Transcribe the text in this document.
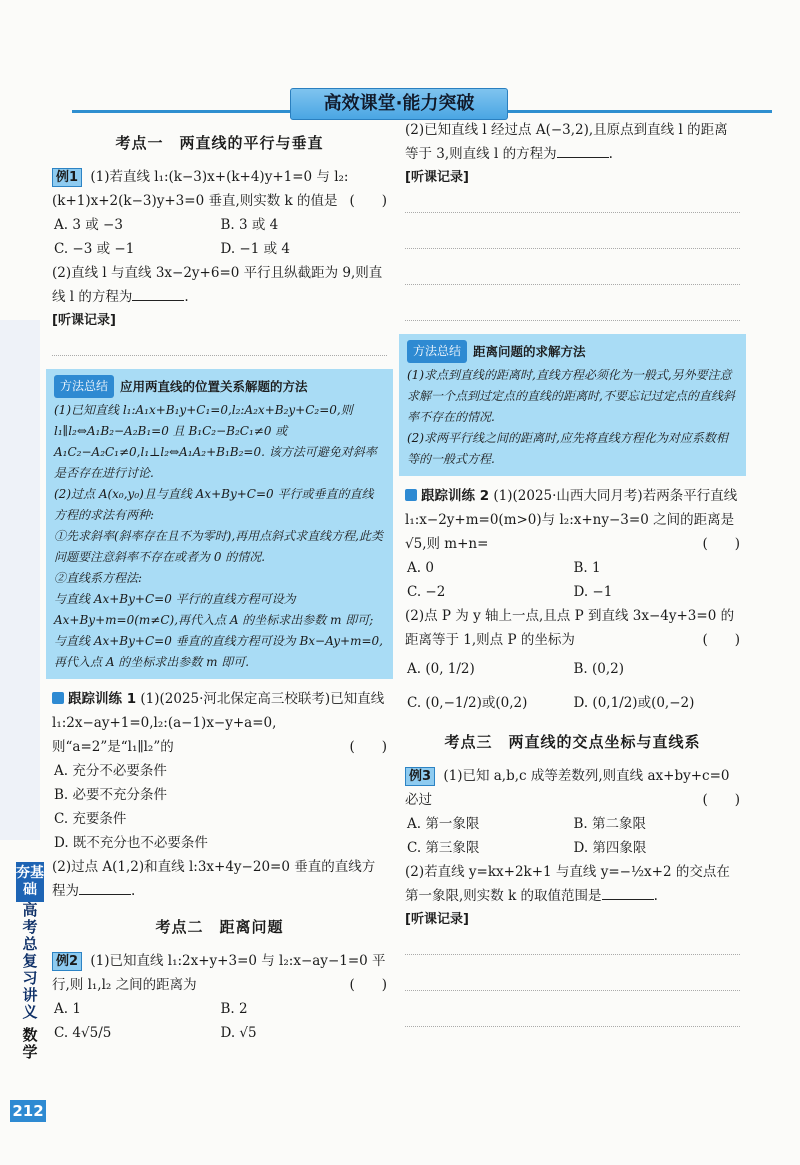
高效课堂·能力突破
考点一　两直线的平行与垂直

例1 (1)若直线 l₁:(k−3)x+(k+4)y+1=0 与 l₂:(k+1)x+2(k−3)y+3=0 垂直,则实数 k 的值是 (　　)

A. 3 或 −3	B. 3 或 4
C. −3 或 −1	D. −1 或 4

(2)直线 l 与直线 3x−2y+6=0 平行且纵截距为 9,则直线 l 的方程为	.

[听课记录]
方法总结 应用两直线的位置关系解题的方法

(1)已知直线 l₁:A₁x+B₁y+C₁=0,l₂:A₂x+B₂y+C₂=0,则 l₁∥l₂⇔A₁B₂−A₂B₁=0 且 B₁C₂−B₂C₁≠0 或 A₁C₂−A₂C₁≠0,l₁⊥l₂⇔A₁A₂+B₁B₂=0. 该方法可避免对斜率是否存在进行讨论.

(2)过点 A(x₀,y₀)且与直线 Ax+By+C=0 平行或垂直的直线方程的求法有两种:

①先求斜率(斜率存在且不为零时),再用点斜式求直线方程,此类问题要注意斜率不存在或者为 0 的情况.

②直线系方程法:

与直线 Ax+By+C=0 平行的直线方程可设为 Ax+By+m=0(m≠C),再代入点 A 的坐标求出参数 m 即可;

与直线 Ax+By+C=0 垂直的直线方程可设为 Bx−Ay+m=0,再代入点 A 的坐标求出参数 m 即可.

跟踪训练 1 (1)(2025·河北保定高三校联考)已知直线 l₁:2x−ay+1=0,l₂:(a−1)x−y+a=0,则“a=2”是“l₁∥l₂”的	(　　)

A. 充分不必要条件
B. 必要不充分条件
C. 充要条件
D. 既不充分也不必要条件

(2)过点 A(1,2)和直线 l:3x+4y−20=0 垂直的直线方程为	.

考点二　距离问题

例2 (1)已知直线 l₁:2x+y+3=0 与 l₂:x−ay−1=0 平行,则 l₁,l₂ 之间的距离为	(　　)

A. 1	B. 2
C. 4√5/5	D. √5

(2)已知直线 l 经过点 A(−3,2),且原点到直线 l 的距离等于 3,则直线 l 的方程为	.

[听课记录]
方法总结 距离问题的求解方法

(1)求点到直线的距离时,直线方程必须化为一般式,另外要注意求解一个点到过定点的直线的距离时,不要忘记过定点的直线斜率不存在的情况.

(2)求两平行线之间的距离时,应先将直线方程化为对应系数相等的一般式方程.

跟踪训练 2 (1)(2025·山西大同月考)若两条平行直线 l₁:x−2y+m=0(m>0)与 l₂:x+ny−3=0 之间的距离是√5,则 m+n=	(　　)

A. 0	B. 1
C. −2	D. −1

(2)点 P 为 y 轴上一点,且点 P 到直线 3x−4y+3=0 的距离等于 1,则点 P 的坐标为	(　　)

A. (0, 1/2)	B. (0,2)
C. (0,−1/2)或(0,2)	D. (0,1/2)或(0,−2)
考点三　两直线的交点坐标与直线系

例3 (1)已知 a,b,c 成等差数列,则直线 ax+by+c=0 必过	(　　)

A. 第一象限	B. 第二象限
C. 第三象限	D. 第四象限

(2)若直线 y=kx+2k+1 与直线 y=−½x+2 的交点在第一象限,则实数 k 的取值范围是	.

[听课记录]
夯基础
高考总复习讲义
数学
212
